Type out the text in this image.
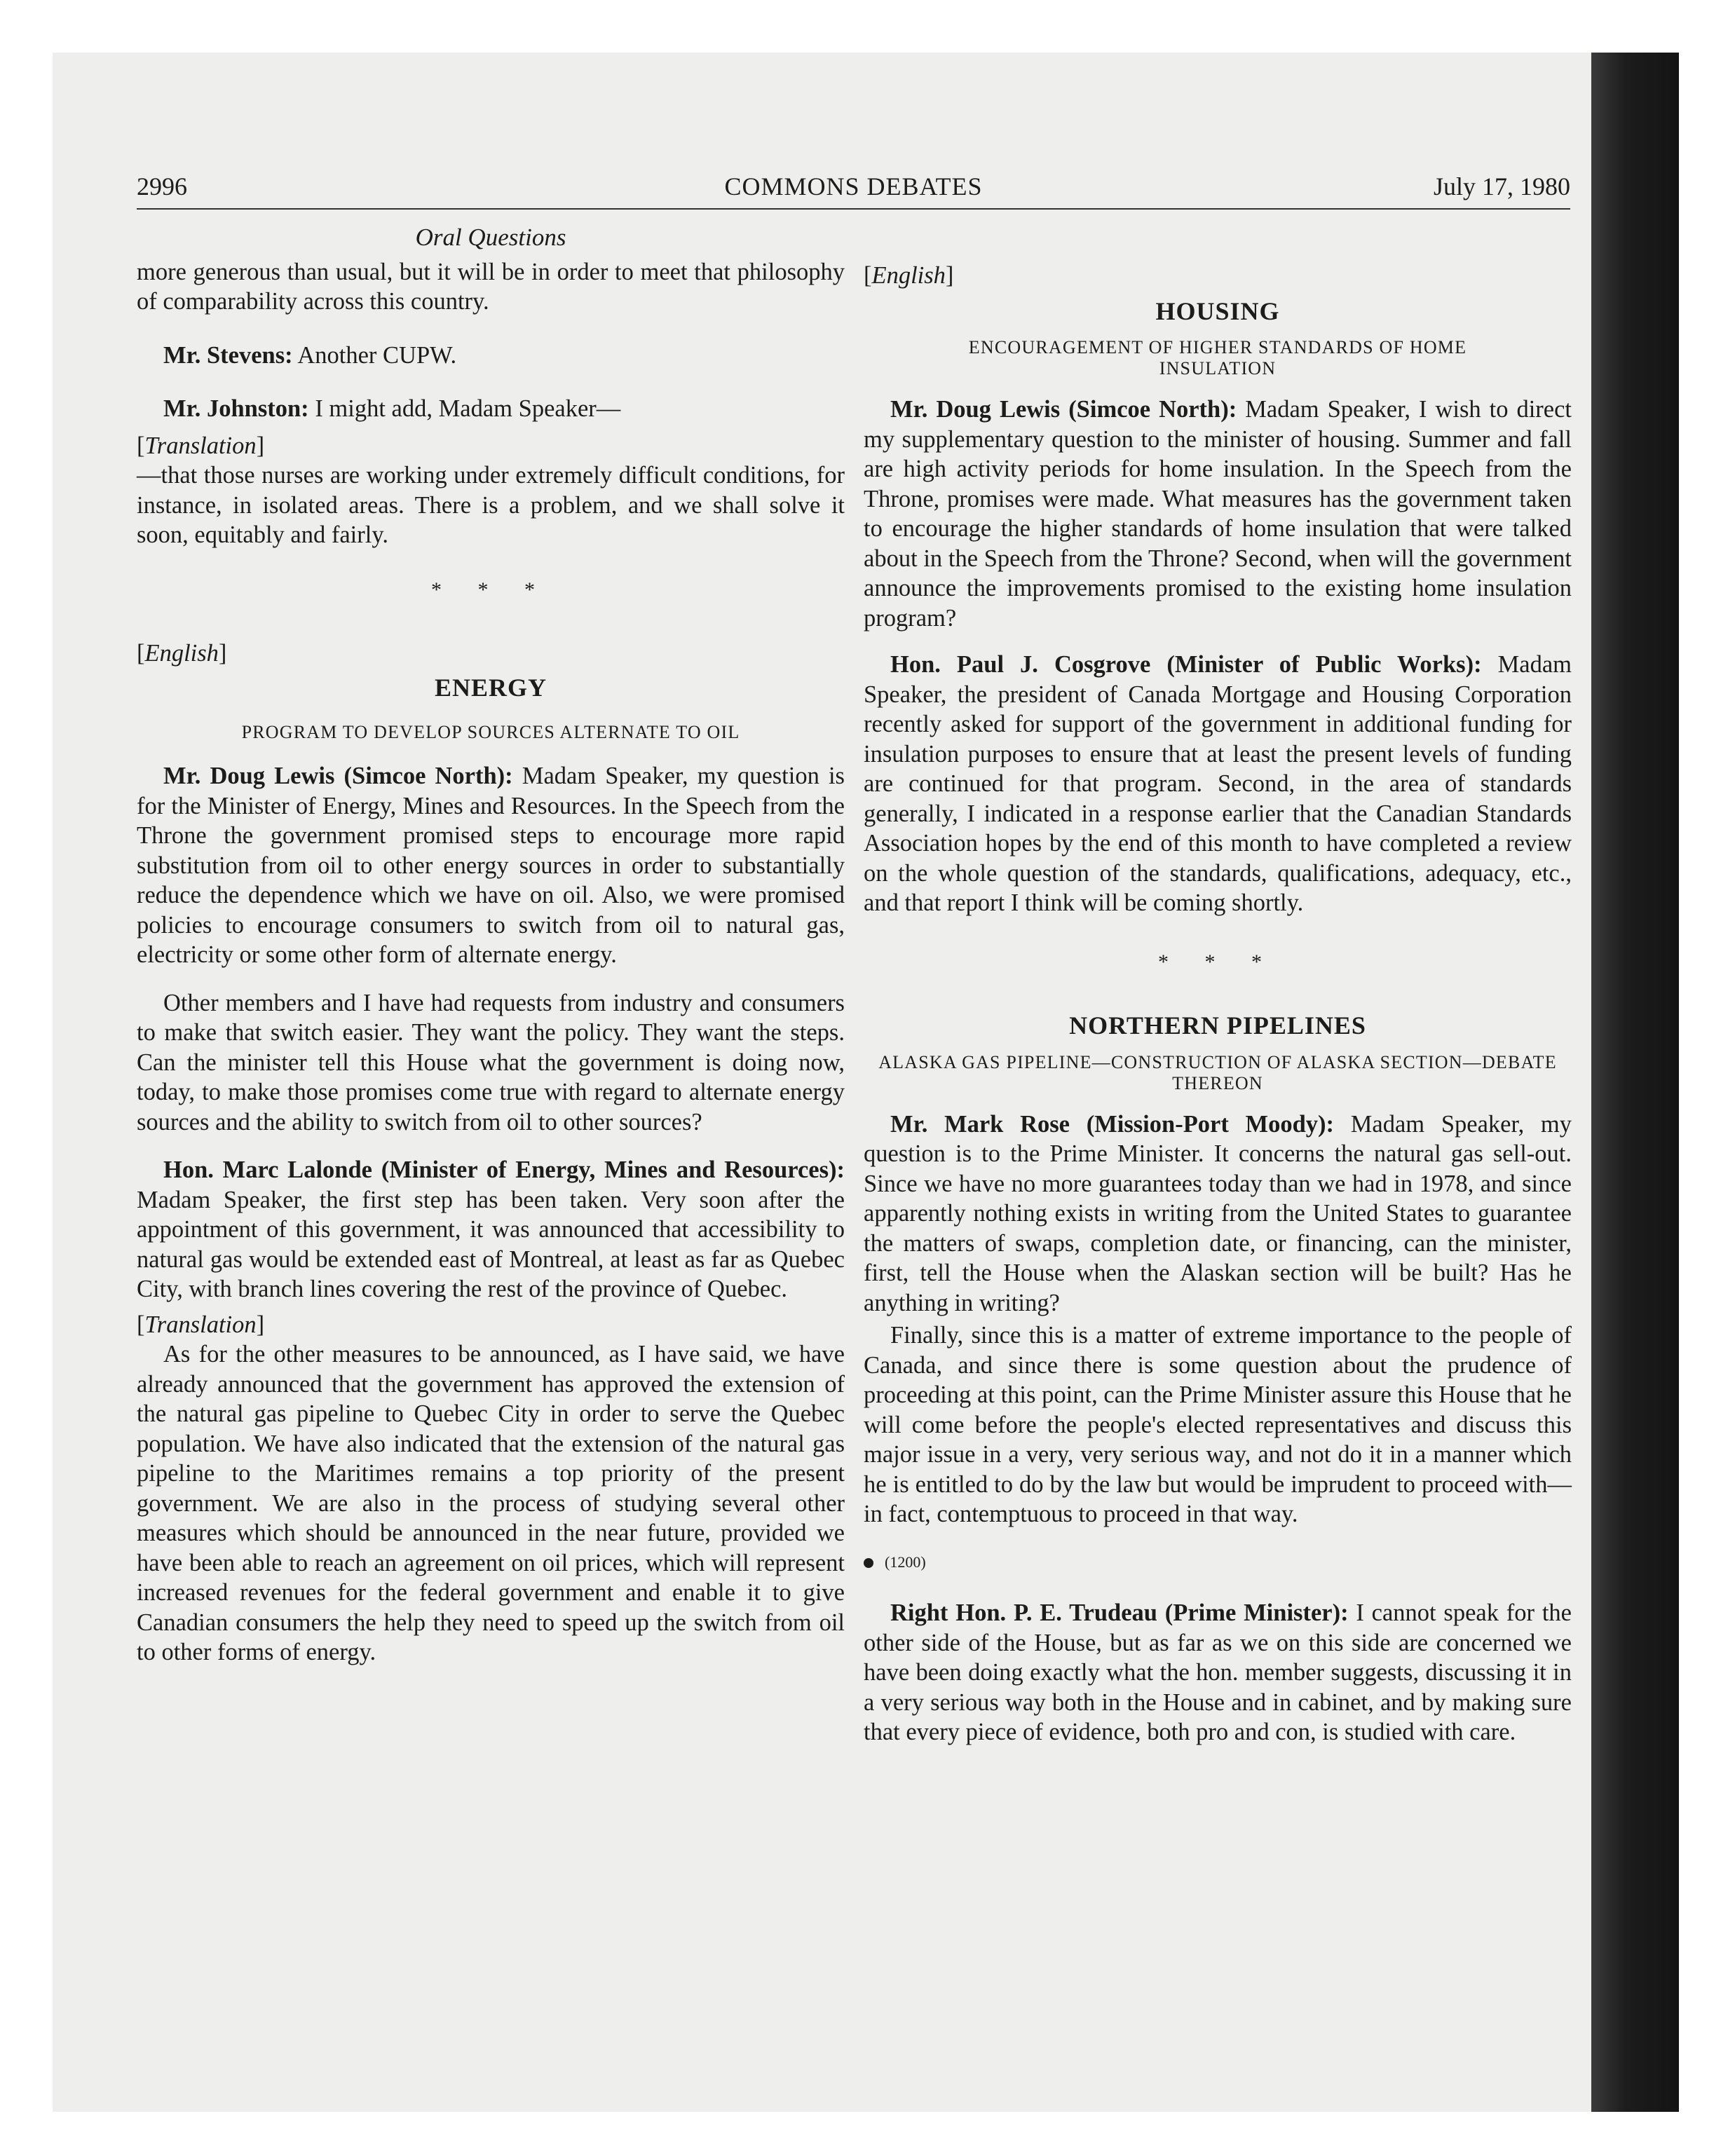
2996	COMMONS DEBATES	July 17, 1980

Oral Questions

more generous than usual, but it will be in order to meet that philosophy of comparability across this country.

Mr. Stevens: Another CUPW.

Mr. Johnston: I might add, Madam Speaker—

[Translation]

—that those nurses are working under extremely difficult conditions, for instance, in isolated areas. There is a problem, and we shall solve it soon, equitably and fairly.

* * *

[English]

ENERGY

PROGRAM TO DEVELOP SOURCES ALTERNATE TO OIL

Mr. Doug Lewis (Simcoe North): Madam Speaker, my question is for the Minister of Energy, Mines and Resources. In the Speech from the Throne the government promised steps to encourage more rapid substitution from oil to other energy sources in order to substantially reduce the dependence which we have on oil. Also, we were promised policies to encourage consumers to switch from oil to natural gas, electricity or some other form of alternate energy.

Other members and I have had requests from industry and consumers to make that switch easier. They want the policy. They want the steps. Can the minister tell this House what the government is doing now, today, to make those promises come true with regard to alternate energy sources and the ability to switch from oil to other sources?

Hon. Marc Lalonde (Minister of Energy, Mines and Resources): Madam Speaker, the first step has been taken. Very soon after the appointment of this government, it was announced that accessibility to natural gas would be extended east of Montreal, at least as far as Quebec City, with branch lines covering the rest of the province of Quebec.

[Translation]

As for the other measures to be announced, as I have said, we have already announced that the government has approved the extension of the natural gas pipeline to Quebec City in order to serve the Quebec population. We have also indicated that the extension of the natural gas pipeline to the Maritimes remains a top priority of the present government. We are also in the process of studying several other measures which should be announced in the near future, provided we have been able to reach an agreement on oil prices, which will represent increased revenues for the federal government and enable it to give Canadian consumers the help they need to speed up the switch from oil to other forms of energy.

[English]

HOUSING

ENCOURAGEMENT OF HIGHER STANDARDS OF HOME INSULATION

Mr. Doug Lewis (Simcoe North): Madam Speaker, I wish to direct my supplementary question to the minister of housing. Summer and fall are high activity periods for home insulation. In the Speech from the Throne, promises were made. What measures has the government taken to encourage the higher standards of home insulation that were talked about in the Speech from the Throne? Second, when will the government announce the improvements promised to the existing home insulation program?

Hon. Paul J. Cosgrove (Minister of Public Works): Madam Speaker, the president of Canada Mortgage and Housing Corporation recently asked for support of the government in additional funding for insulation purposes to ensure that at least the present levels of funding are continued for that program. Second, in the area of standards generally, I indicated in a response earlier that the Canadian Standards Association hopes by the end of this month to have completed a review on the whole question of the standards, qualifications, adequacy, etc., and that report I think will be coming shortly.

* * *

NORTHERN PIPELINES

ALASKA GAS PIPELINE—CONSTRUCTION OF ALASKA SECTION—DEBATE THEREON

Mr. Mark Rose (Mission-Port Moody): Madam Speaker, my question is to the Prime Minister. It concerns the natural gas sell-out. Since we have no more guarantees today than we had in 1978, and since apparently nothing exists in writing from the United States to guarantee the matters of swaps, completion date, or financing, can the minister, first, tell the House when the Alaskan section will be built? Has he anything in writing?

Finally, since this is a matter of extreme importance to the people of Canada, and since there is some question about the prudence of proceeding at this point, can the Prime Minister assure this House that he will come before the people's elected representatives and discuss this major issue in a very, very serious way, and not do it in a manner which he is entitled to do by the law but would be imprudent to proceed with—in fact, contemptuous to proceed in that way.

(1200)

Right Hon. P. E. Trudeau (Prime Minister): I cannot speak for the other side of the House, but as far as we on this side are concerned we have been doing exactly what the hon. member suggests, discussing it in a very serious way both in the House and in cabinet, and by making sure that every piece of evidence, both pro and con, is studied with care.
